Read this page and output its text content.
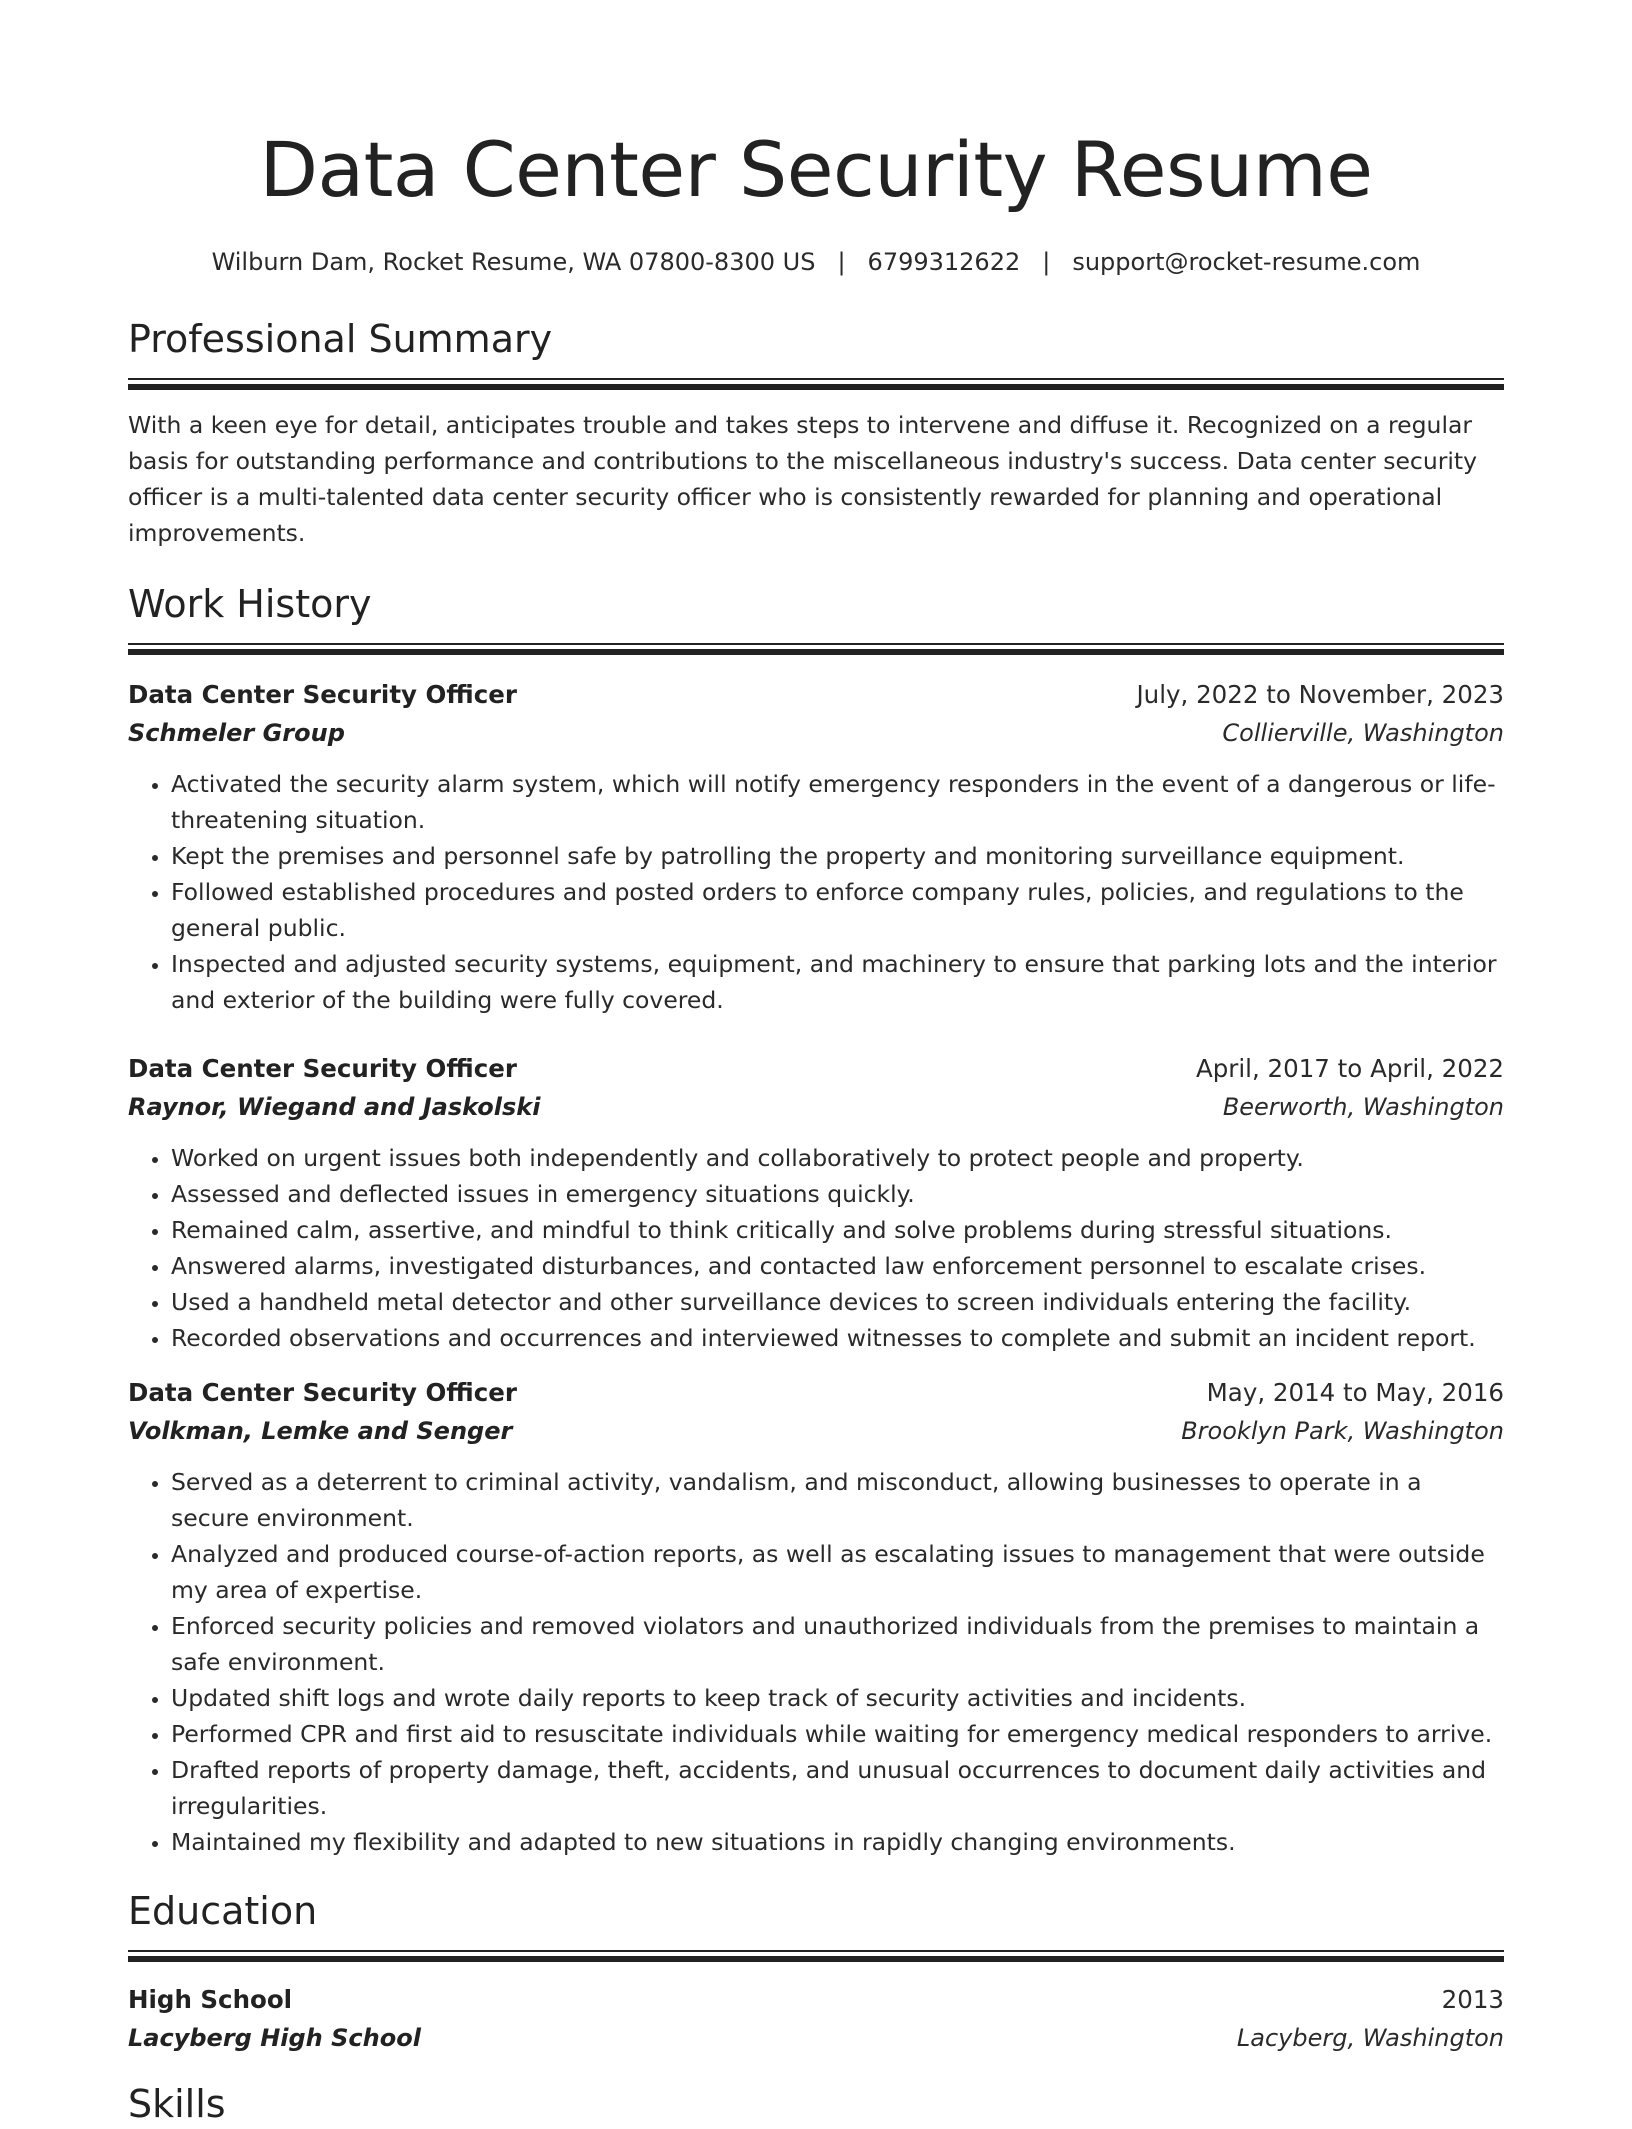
Data Center Security Resume
Wilburn Dam, Rocket Resume, WA 07800-8300 US | 6799312622 | support@rocket-resume.com
Professional Summary
With a keen eye for detail, anticipates trouble and takes steps to intervene and diffuse it. Recognized on a regular basis for outstanding performance and contributions to the miscellaneous industry's success. Data center security officer is a multi-talented data center security officer who is consistently rewarded for planning and operational improvements.
Work History
Data Center Security Officer	July, 2022 to November, 2023
Schmeler Group	Collierville, Washington
• Activated the security alarm system, which will notify emergency responders in the event of a dangerous or life-threatening situation.
• Kept the premises and personnel safe by patrolling the property and monitoring surveillance equipment.
• Followed established procedures and posted orders to enforce company rules, policies, and regulations to the general public.
• Inspected and adjusted security systems, equipment, and machinery to ensure that parking lots and the interior and exterior of the building were fully covered.
Data Center Security Officer	April, 2017 to April, 2022
Raynor, Wiegand and Jaskolski	Beerworth, Washington
• Worked on urgent issues both independently and collaboratively to protect people and property.
• Assessed and deflected issues in emergency situations quickly.
• Remained calm, assertive, and mindful to think critically and solve problems during stressful situations.
• Answered alarms, investigated disturbances, and contacted law enforcement personnel to escalate crises.
• Used a handheld metal detector and other surveillance devices to screen individuals entering the facility.
• Recorded observations and occurrences and interviewed witnesses to complete and submit an incident report.
Data Center Security Officer	May, 2014 to May, 2016
Volkman, Lemke and Senger	Brooklyn Park, Washington
• Served as a deterrent to criminal activity, vandalism, and misconduct, allowing businesses to operate in a secure environment.
• Analyzed and produced course-of-action reports, as well as escalating issues to management that were outside my area of expertise.
• Enforced security policies and removed violators and unauthorized individuals from the premises to maintain a safe environment.
• Updated shift logs and wrote daily reports to keep track of security activities and incidents.
• Performed CPR and first aid to resuscitate individuals while waiting for emergency medical responders to arrive.
• Drafted reports of property damage, theft, accidents, and unusual occurrences to document daily activities and irregularities.
• Maintained my flexibility and adapted to new situations in rapidly changing environments.
Education
High School	2013
Lacyberg High School	Lacyberg, Washington
Skills
